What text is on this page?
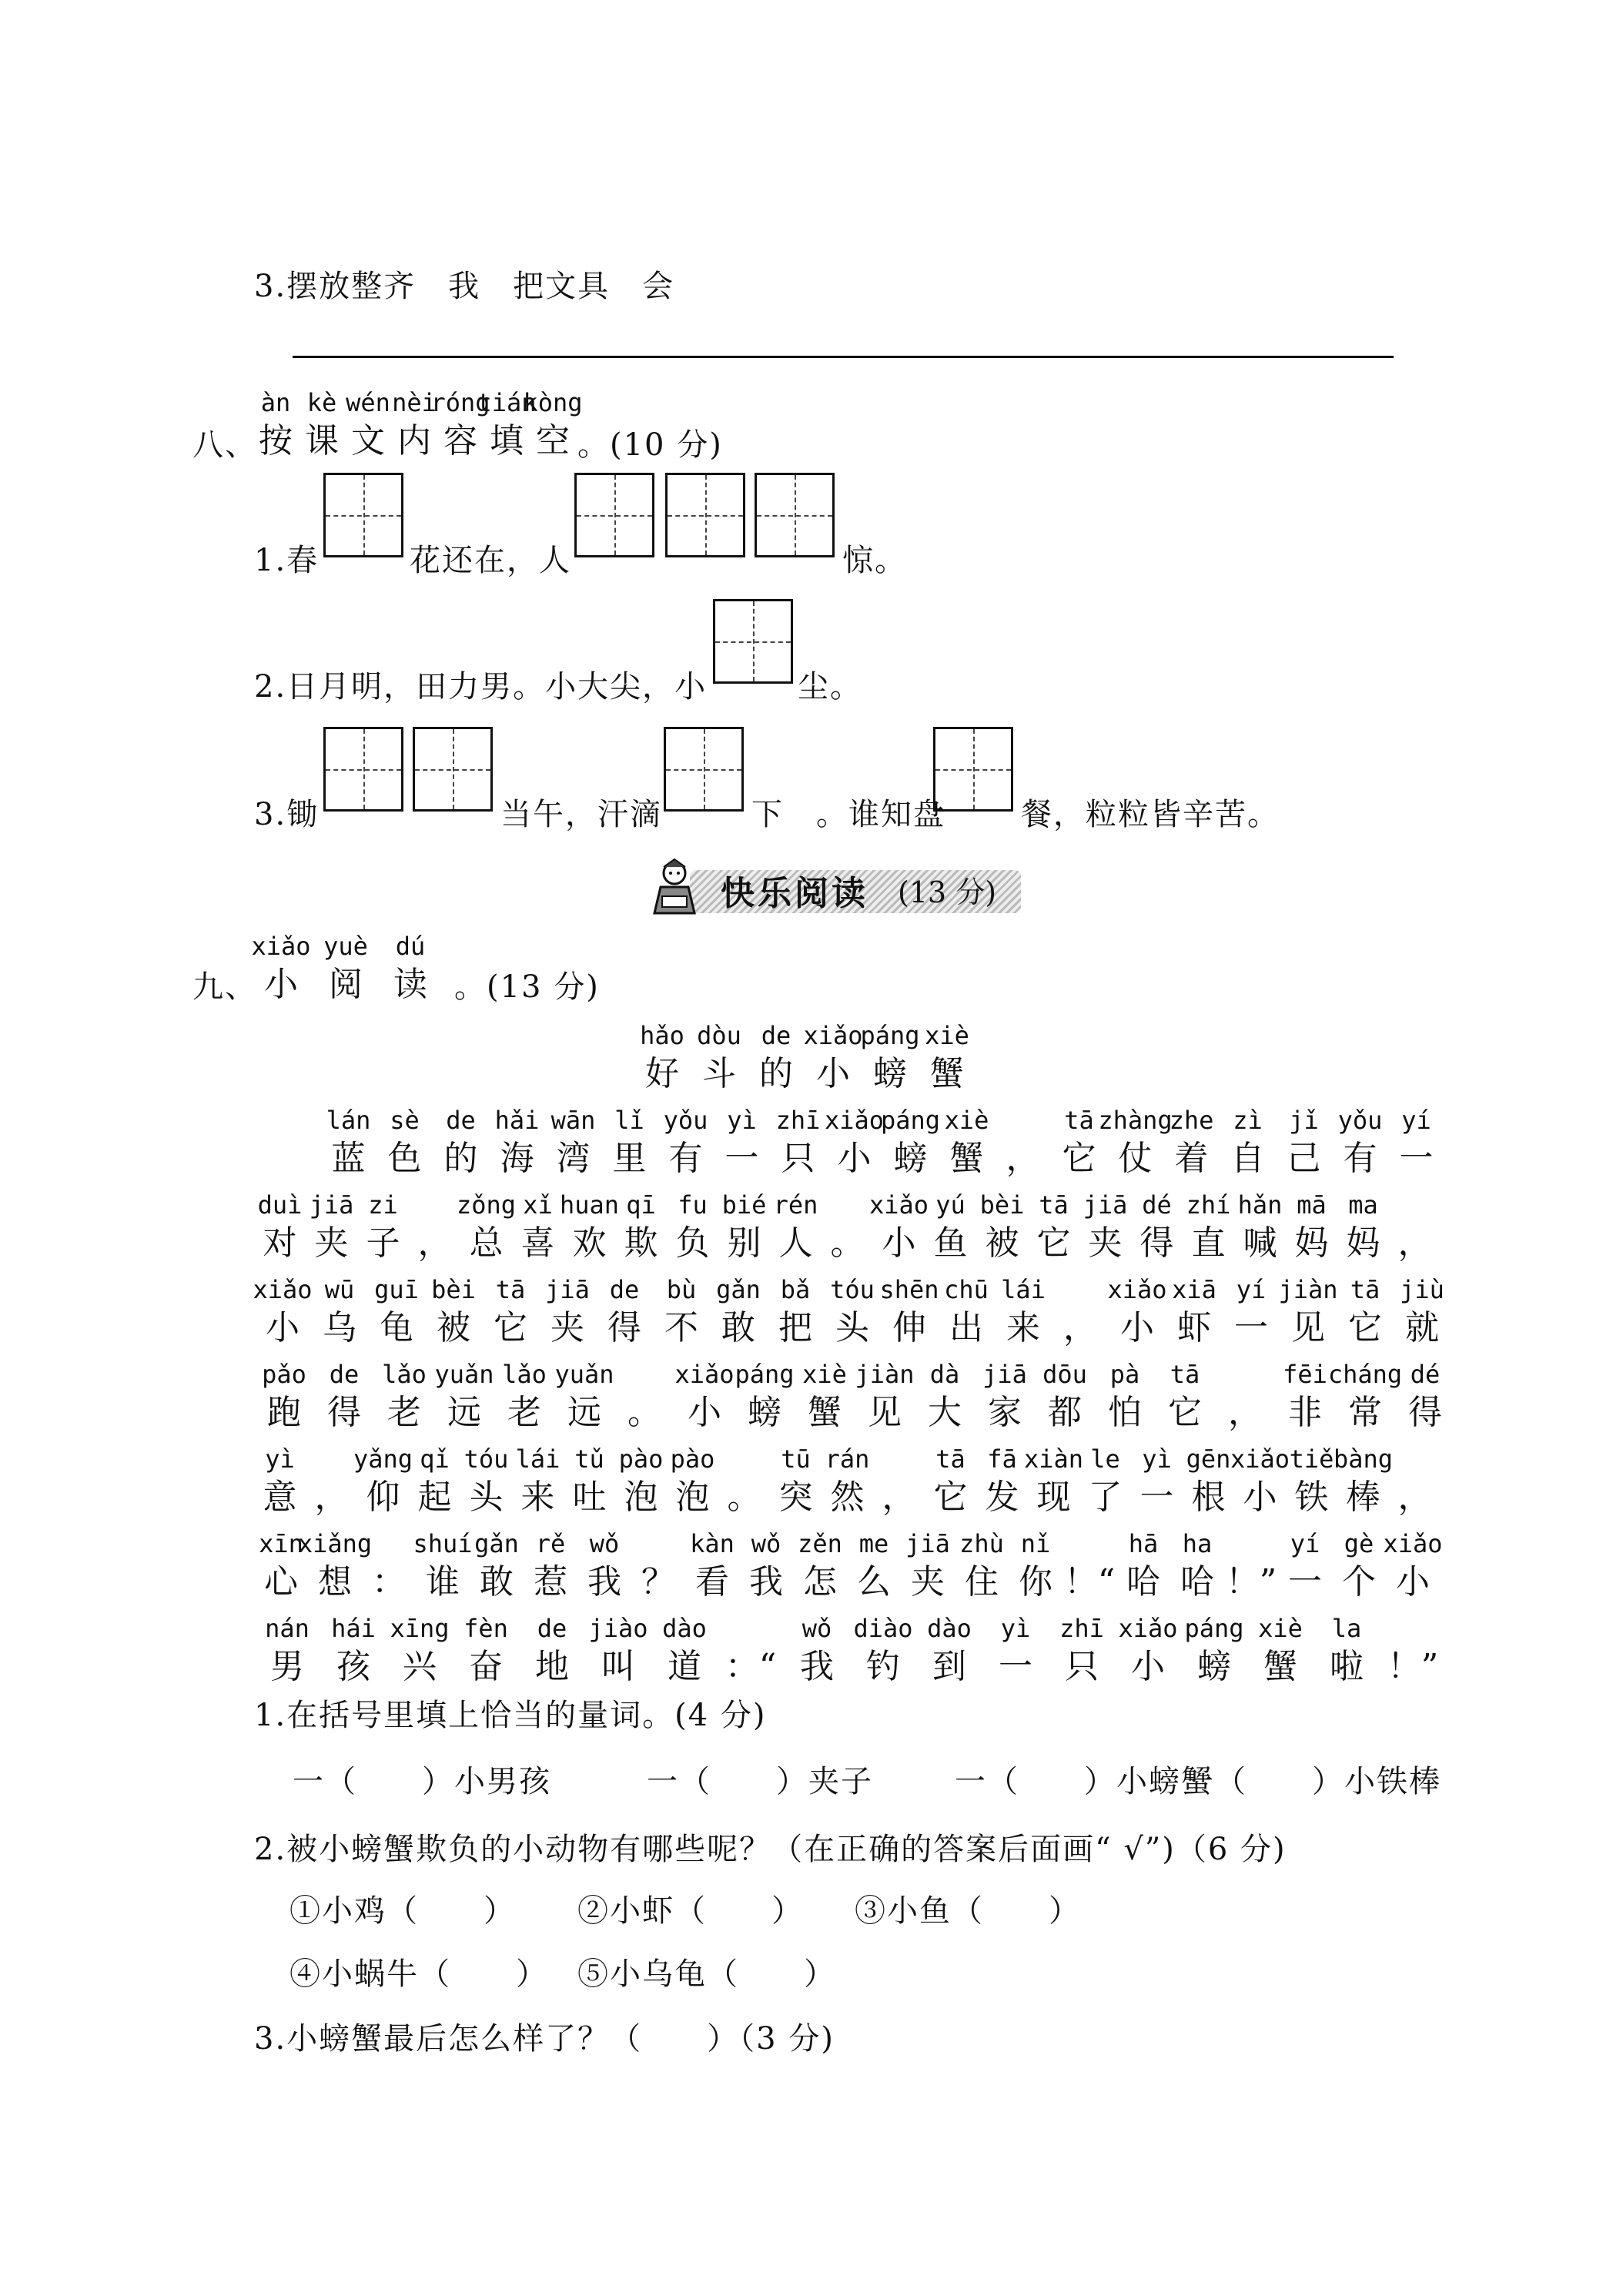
3.摆放整齐　我　把文具　会
八、
àn
按
kè
课
wén
文
nèi
内
róng
容
tián
填
kòng
空 。(10 分)
1.春	花还在，人	惊。
2.日月明，田力男。小大尖，小	尘。
3.锄	当午，汗滴	下　。谁知盘 餐，粒粒皆辛苦。
快乐阅读 (13 分)
九、
xiǎo
小
yuè
阅
dú
读 。(13 分)
hǎo
好
dòu
斗
de
的
xiǎo
小
páng
螃
xiè
蟹
lán
蓝
sè
色
de
的
hǎi
海
wān
湾
lǐ
里
yǒu
有
yì
一
zhī
只
xiǎo
小
páng
螃
xiè
蟹 ，
tā
它
zhàng
仗
zhe
着
zì
自
jǐ
己
yǒu
有
yí
一
duì
对
jiā
夹
zi
子 ，
zǒng
总
xǐ
喜
huan
欢
qī
欺
fu
负
bié
别
rén
人 。
xiǎo
小
yú
鱼
bèi
被
tā
它
jiā
夹
dé
得
zhí
直
hǎn
喊
mā
妈
ma
妈 ，
xiǎo
小
wū
乌
guī
龟
bèi
被
tā
它
jiā
夹
de
得
bù
不
gǎn
敢
bǎ
把
tóu
头
shēn
伸
chū
出
lái
来 ，
xiǎo
小
xiā
虾
yí
一
jiàn
见
tā
它
jiù
就
pǎo
跑
de
得
lǎo
老
yuǎn
远
lǎo
老
yuǎn
远 。
xiǎo
小
páng
螃
xiè
蟹
jiàn
见
dà
大
jiā
家
dōu
都
pà
怕
tā
它 ，
fēi
非
cháng
常
dé
得
yì
意 ，
yǎng
仰
qǐ
起
tóu
头
lái
来
tǔ
吐
pào
泡
pào
泡 。
tū
突
rán
然 ，
tā
它
fā
发
xiàn
现
le
了
yì
一
gēn
根
xiǎo
小
tiě
铁
bàng
棒 ，
xīn
心
xiǎng
想 ：
shuí
谁
gǎn
敢
rě
惹
wǒ
我 ？
kàn
看
wǒ
我
zěn
怎
me
么
jiā
夹
zhù
住
nǐ
你 ！“
hā
哈
ha
哈 ！”
yí
一
gè
个
xiǎo
小
nán
男
hái
孩
xīng
兴
fèn
奋
de
地
jiào
叫
dào
道 ：“
wǒ
我
diào
钓
dào
到
yì
一
zhī
只
xiǎo
小
páng
螃
xiè
蟹
la
啦 ！”
1.在括号里填上恰当的量词。(4 分)
一（　　）小男孩	一（　　）夹子	一（　　）小螃蟹
一（　　）小铁棒
2.被小螃蟹欺负的小动物有哪些呢？（在正确的答案后面画“ √”)（6 分)
①小鸡（　　） ②小虾（　　） ③小鱼（　　）
④小蜗牛（　　） ⑤小乌龟（　　）
3.小螃蟹最后怎么样了？（　　）（3 分)
